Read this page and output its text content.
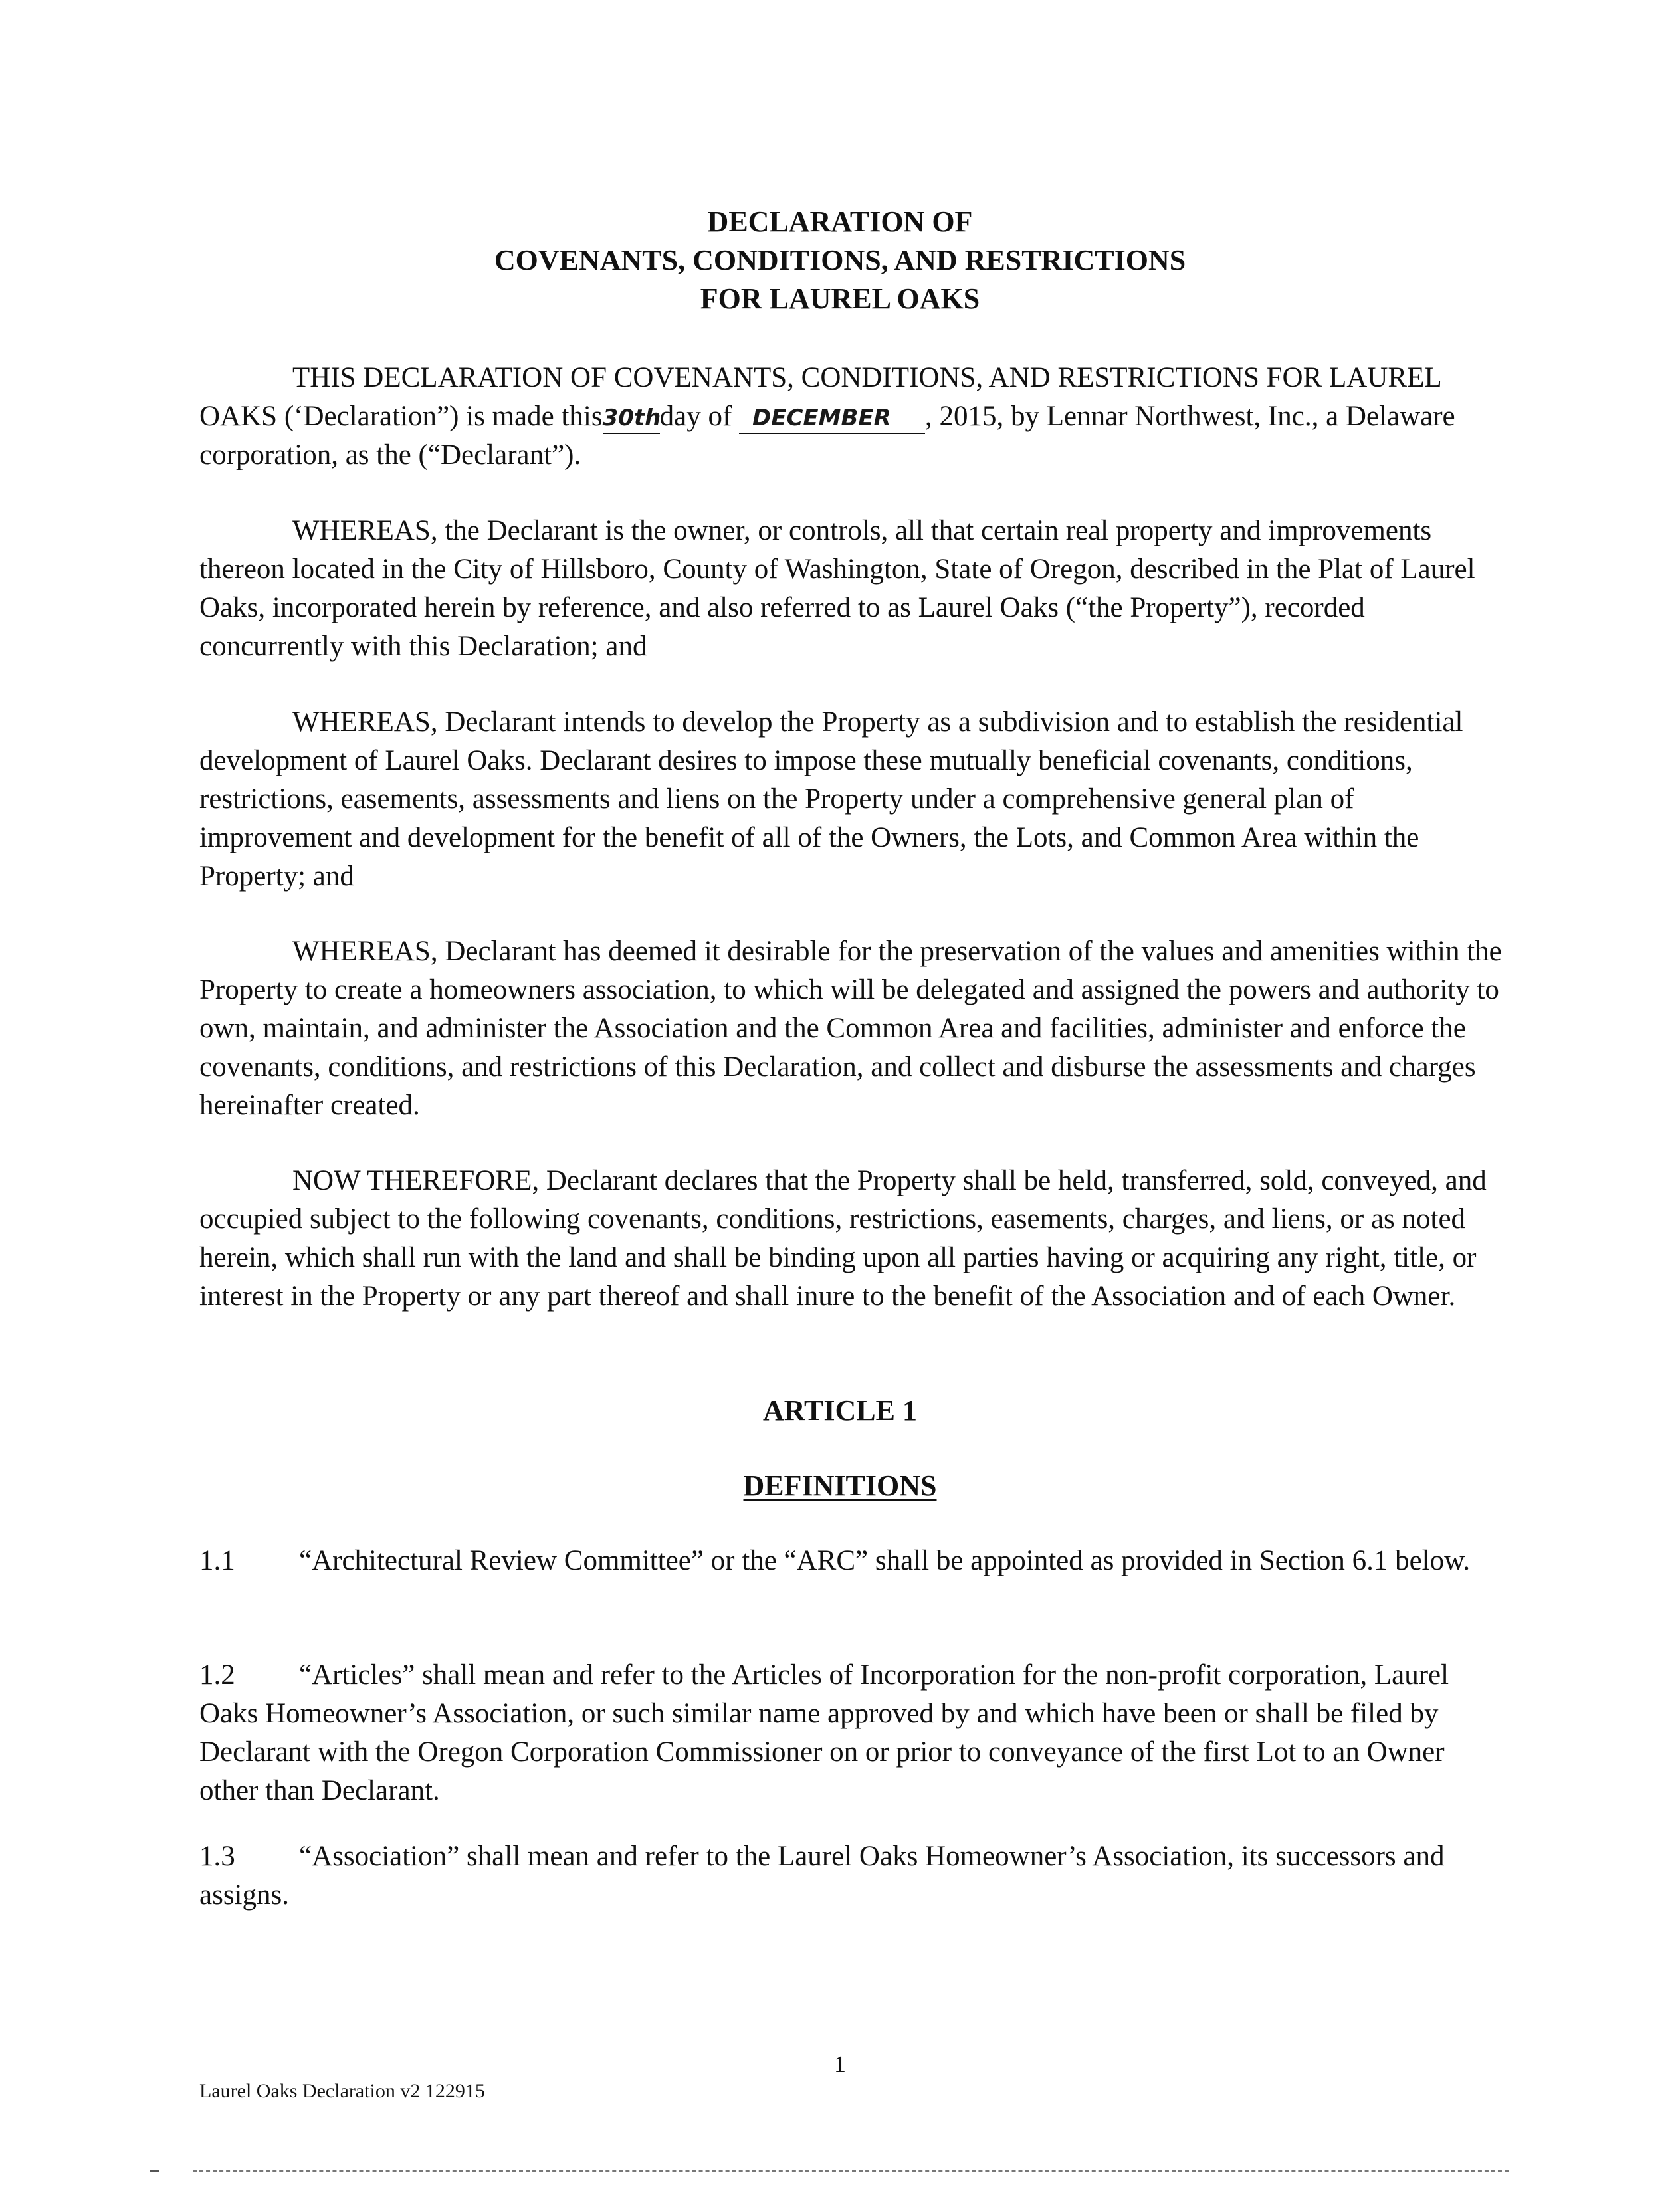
DECLARATION OF
COVENANTS, CONDITIONS, AND RESTRICTIONS
FOR LAUREL OAKS
THIS DECLARATION OF COVENANTS, CONDITIONS, AND RESTRICTIONS FOR LAUREL OAKS (‘Declaration”) is made this30thday of DECEMBER , 2015, by Lennar Northwest, Inc., a Delaware corporation, as the (“Declarant”).
WHEREAS, the Declarant is the owner, or controls, all that certain real property and improvements thereon located in the City of Hillsboro, County of Washington, State of Oregon, described in the Plat of Laurel Oaks, incorporated herein by reference, and also referred to as Laurel Oaks (“the Property”), recorded concurrently with this Declaration; and
WHEREAS, Declarant intends to develop the Property as a subdivision and to establish the residential development of Laurel Oaks. Declarant desires to impose these mutually beneficial covenants, conditions, restrictions, easements, assessments and liens on the Property under a comprehensive general plan of improvement and development for the benefit of all of the Owners, the Lots, and Common Area within the Property; and
WHEREAS, Declarant has deemed it desirable for the preservation of the values and amenities within the Property to create a homeowners association, to which will be delegated and assigned the powers and authority to own, maintain, and administer the Association and the Common Area and facilities, administer and enforce the covenants, conditions, and restrictions of this Declaration, and collect and disburse the assessments and charges hereinafter created.
NOW THEREFORE, Declarant declares that the Property shall be held, transferred, sold, conveyed, and occupied subject to the following covenants, conditions, restrictions, easements, charges, and liens, or as noted herein, which shall run with the land and shall be binding upon all parties having or acquiring any right, title, or interest in the Property or any part thereof and shall inure to the benefit of the Association and of each Owner.
ARTICLE 1
DEFINITIONS
1.1 “Architectural Review Committee” or the “ARC” shall be appointed as provided in Section 6.1 below.
1.2 “Articles” shall mean and refer to the Articles of Incorporation for the non-profit corporation, Laurel Oaks Homeowner’s Association, or such similar name approved by and which have been or shall be filed by Declarant with the Oregon Corporation Commissioner on or prior to conveyance of the first Lot to an Owner other than Declarant.
1.3 “Association” shall mean and refer to the Laurel Oaks Homeowner’s Association, its successors and assigns.
1
Laurel Oaks Declaration v2 122915
